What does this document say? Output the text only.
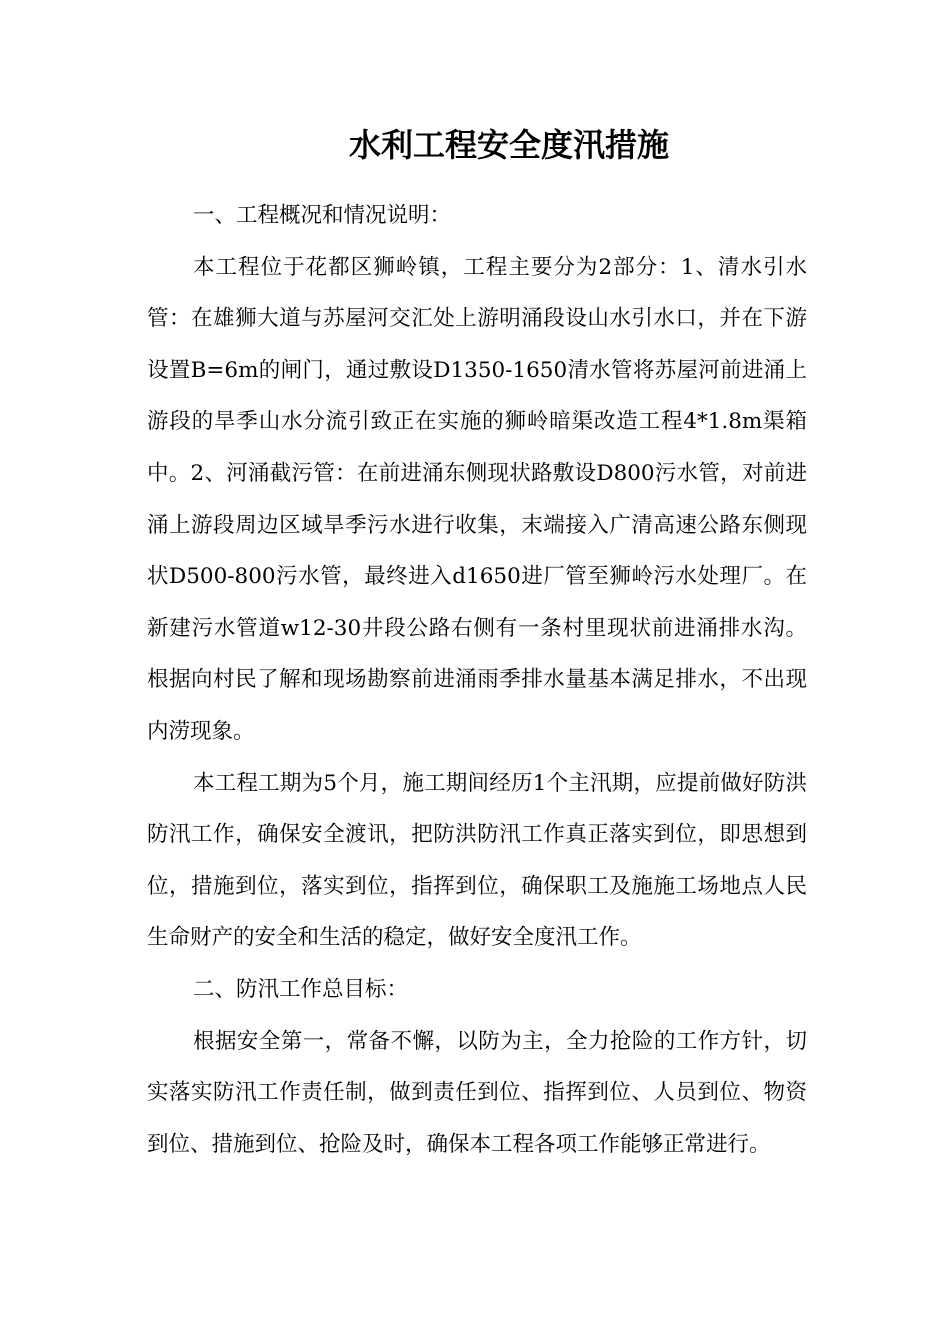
水利工程安全度汛措施

一、工程概况和情况说明：

本工程位于花都区狮岭镇，工程主要分为2部分：1、清水引水管：在雄狮大道与苏屋河交汇处上游明涌段设山水引水口，并在下游设置B=6m的闸门，通过敷设D1350-1650清水管将苏屋河前进涌上游段的旱季山水分流引致正在实施的狮岭暗渠改造工程4*1.8m渠箱中。2、河涌截污管：在前进涌东侧现状路敷设D800污水管，对前进涌上游段周边区域旱季污水进行收集，末端接入广清高速公路东侧现状D500-800污水管，最终进入d1650进厂管至狮岭污水处理厂。在新建污水管道w12-30井段公路右侧有一条村里现状前进涌排水沟。根据向村民了解和现场勘察前进涌雨季排水量基本满足排水，不出现内涝现象。

本工程工期为5个月，施工期间经历1个主汛期，应提前做好防洪防汛工作，确保安全渡讯，把防洪防汛工作真正落实到位，即思想到位，措施到位，落实到位，指挥到位，确保职工及施施工场地点人民生命财产的安全和生活的稳定，做好安全度汛工作。

二、防汛工作总目标：

根据安全第一，常备不懈，以防为主，全力抢险的工作方针，切实落实防汛工作责任制，做到责任到位、指挥到位、人员到位、物资到位、措施到位、抢险及时，确保本工程各项工作能够正常进行。
